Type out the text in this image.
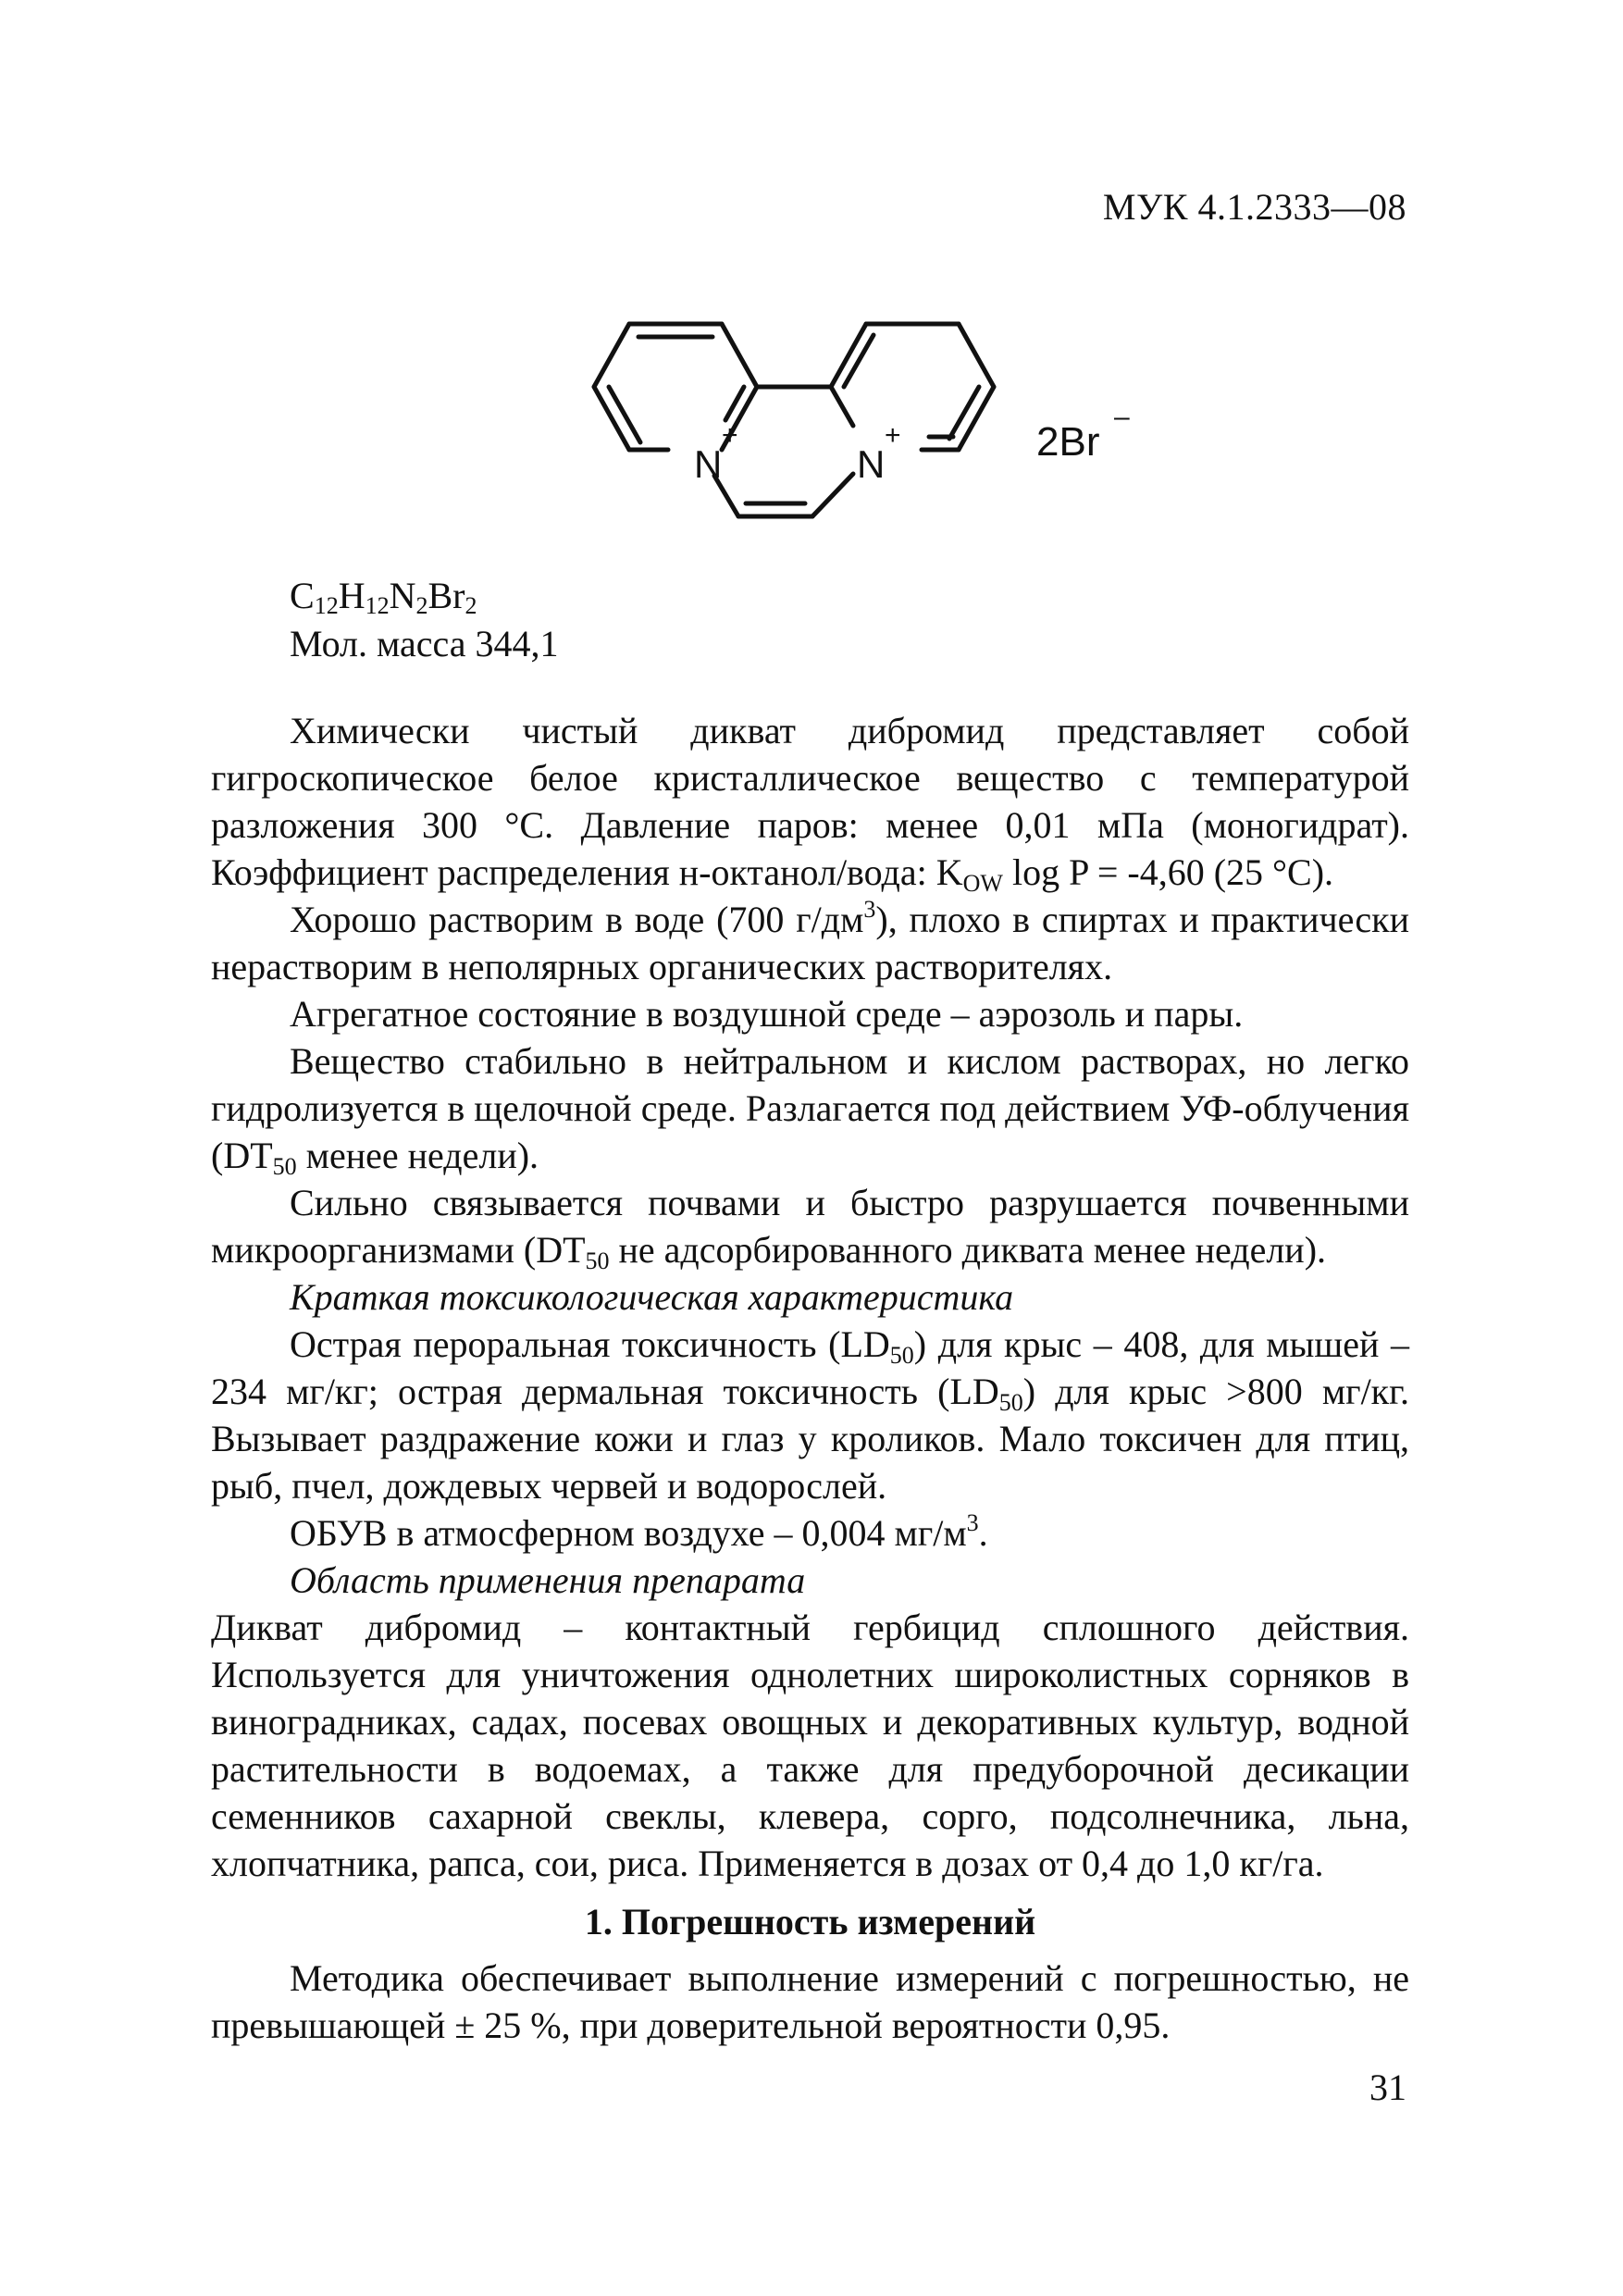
МУК 4.1.2333—08
N
+
N
+	2Br
–
$C_{12}H_{12}N_2Br_2$
Мол. масса 344,1

Химически чистый дикват дибромид представляет собой гигроскопическое белое кристаллическое вещество с температурой разложения 300 °С. Давление паров: менее 0,01 мПа (моногидрат). Коэффициент распределения н-октанол/вода: $K_{OW}$ log P = -4,60 (25 °С).

Хорошо растворим в воде (700 $г/дм^3$), плохо в спиртах и практически нерастворим в неполярных органических растворителях.

Агрегатное состояние в воздушной среде – аэрозоль и пары.

Вещество стабильно в нейтральном и кислом растворах, но легко гидролизуется в щелочной среде. Разлагается под действием УФ-облучения ($DT_{50}$ менее недели).

Сильно связывается почвами и быстро разрушается почвенными микроорганизмами ($DT_{50}$ не адсорбированного диквата менее недели).

Краткая токсикологическая характеристика

Острая пероральная токсичность $(LD_{50})$ для крыс – 408, для мышей – 234 мг/кг; острая дермальная токсичность $(LD_{50})$ для крыс >800 мг/кг. Вызывает раздражение кожи и глаз у кроликов. Мало токсичен для птиц, рыб, пчел, дождевых червей и водорослей.

ОБУВ в атмосферном воздухе – 0,004 $мг/м^3$.

Область применения препарата

Дикват дибромид – контактный гербицид сплошного действия. Используется для уничтожения однолетних широколистных сорняков в виноградниках, садах, посевах овощных и декоративных культур, водной растительности в водоемах, а также для предуборочной десикации семенников сахарной свеклы, клевера, сорго, подсолнечника, льна, хлопчатника, рапса, сои, риса. Применяется в дозах от 0,4 до 1,0 кг/га.

1. Погрешность измерений

Методика обеспечивает выполнение измерений с погрешностью, не превышающей ± 25 %, при доверительной вероятности 0,95.

31
